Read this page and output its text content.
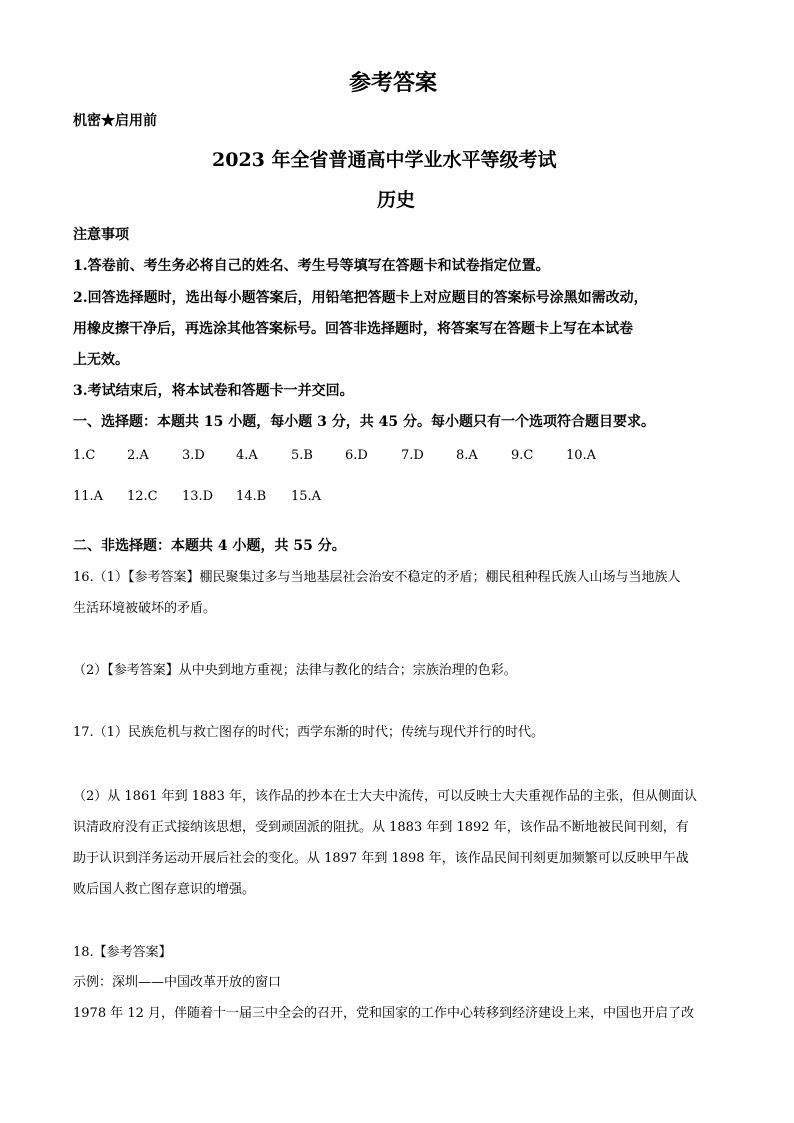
参考答案
机密★启用前
2023 年全省普通高中学业水平等级考试
历史
注意事项
1.答卷前、考生务必将自己的姓名、考生号等填写在答题卡和试卷指定位置。
2.回答选择题时，选出每小题答案后，用铅笔把答题卡上对应题目的答案标号涂黑如需改动，
用橡皮擦干净后，再选涂其他答案标号。回答非选择题时，将答案写在答题卡上写在本试卷
上无效。
3.考试结束后，将本试卷和答题卡一并交回。
一、选择题：本题共 15 小题，每小题 3 分，共 45 分。每小题只有一个选项符合题目要求。
1.C 2.A	3.D 4.A	5.B 6.D	7.D 8.A	9.C	10.A
11.A 12.C 13.D 14.B 15.A
二、非选择题：本题共 4 小题，共 55 分。
16.（1）【参考答案】棚民聚集过多与当地基层社会治安不稳定的矛盾；棚民租种程氏族人山场与当地族人
生活环境被破坏的矛盾。
（2）【参考答案】从中央到地方重视；法律与教化的结合；宗族治理的色彩。
17.（1）民族危机与救亡图存的时代；西学东渐的时代；传统与现代并行的时代。
（2）从 1861 年到 1883 年，该作品的抄本在士大夫中流传，可以反映士大夫重视作品的主张，但从侧面认
识清政府没有正式接纳该思想，受到顽固派的阻扰。从 1883 年到 1892 年，该作品不断地被民间刊刻，有
助于认识到洋务运动开展后社会的变化。从 1897 年到 1898 年，该作品民间刊刻更加频繁可以反映甲午战
败后国人救亡图存意识的增强。
18.【参考答案】
示例：深圳——中国改革开放的窗口
1978 年 12 月，伴随着十一届三中全会的召开，党和国家的工作中心转移到经济建设上来，中国也开启了改
